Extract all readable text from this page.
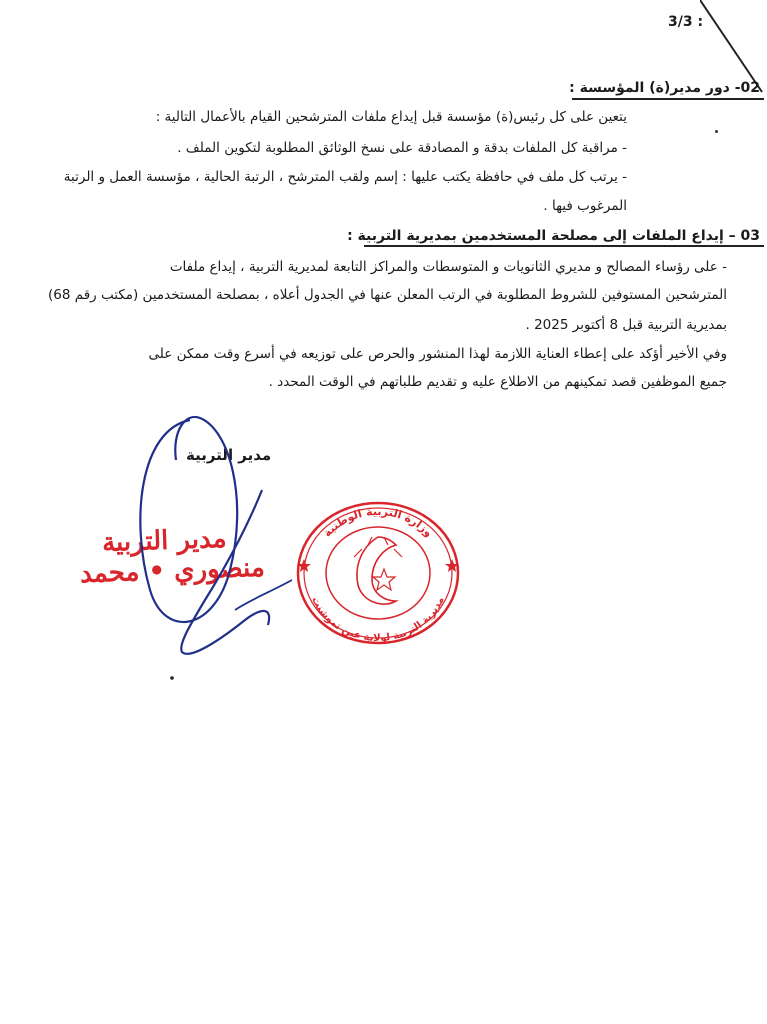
3/3 :
02- دور مدير(ة) المؤسسة :
يتعين على كل رئيس(ة) مؤسسة قبل إيداع ملفات المترشحين القيام بالأعمال التالية :
- مراقبة كل الملفات بدقة و المصادقة على نسخ الوثائق المطلوبة لتكوين الملف .
- يرتب كل ملف في حافظة يكتب عليها : إسم ولقب المترشح ، الرتبة الحالية ، مؤسسة العمل و الرتبة
المرغوب فيها .
03 – إيداع الملفات إلى مصلحة المستخدمين بمديرية التربية :
- على رؤساء المصالح و مديري الثانويات و المتوسطات والمراكز التابعة لمديرية التربية ، إيداع ملفات
المترشحين المستوفين للشروط المطلوبة في الرتب المعلن عنها في الجدول أعلاه ، بمصلحة المستخدمين (مكتب رقم 68)
بمديرية التربية قبل 8 أكتوبر 2025 .
وفي الأخير أؤكد على إعطاء العناية اللازمة لهذا المنشور والحرص على توزيعه في أسرع وقت ممكن على
جميع الموظفين قصد تمكينهم من الاطلاع عليه و تقديم طلباتهم في الوقت المحدد .
مدير التربية
مدير التربية
منصوري • محمد
وزارة التربية الوطنية
مديرية التربية لولاية عين تموشنت
